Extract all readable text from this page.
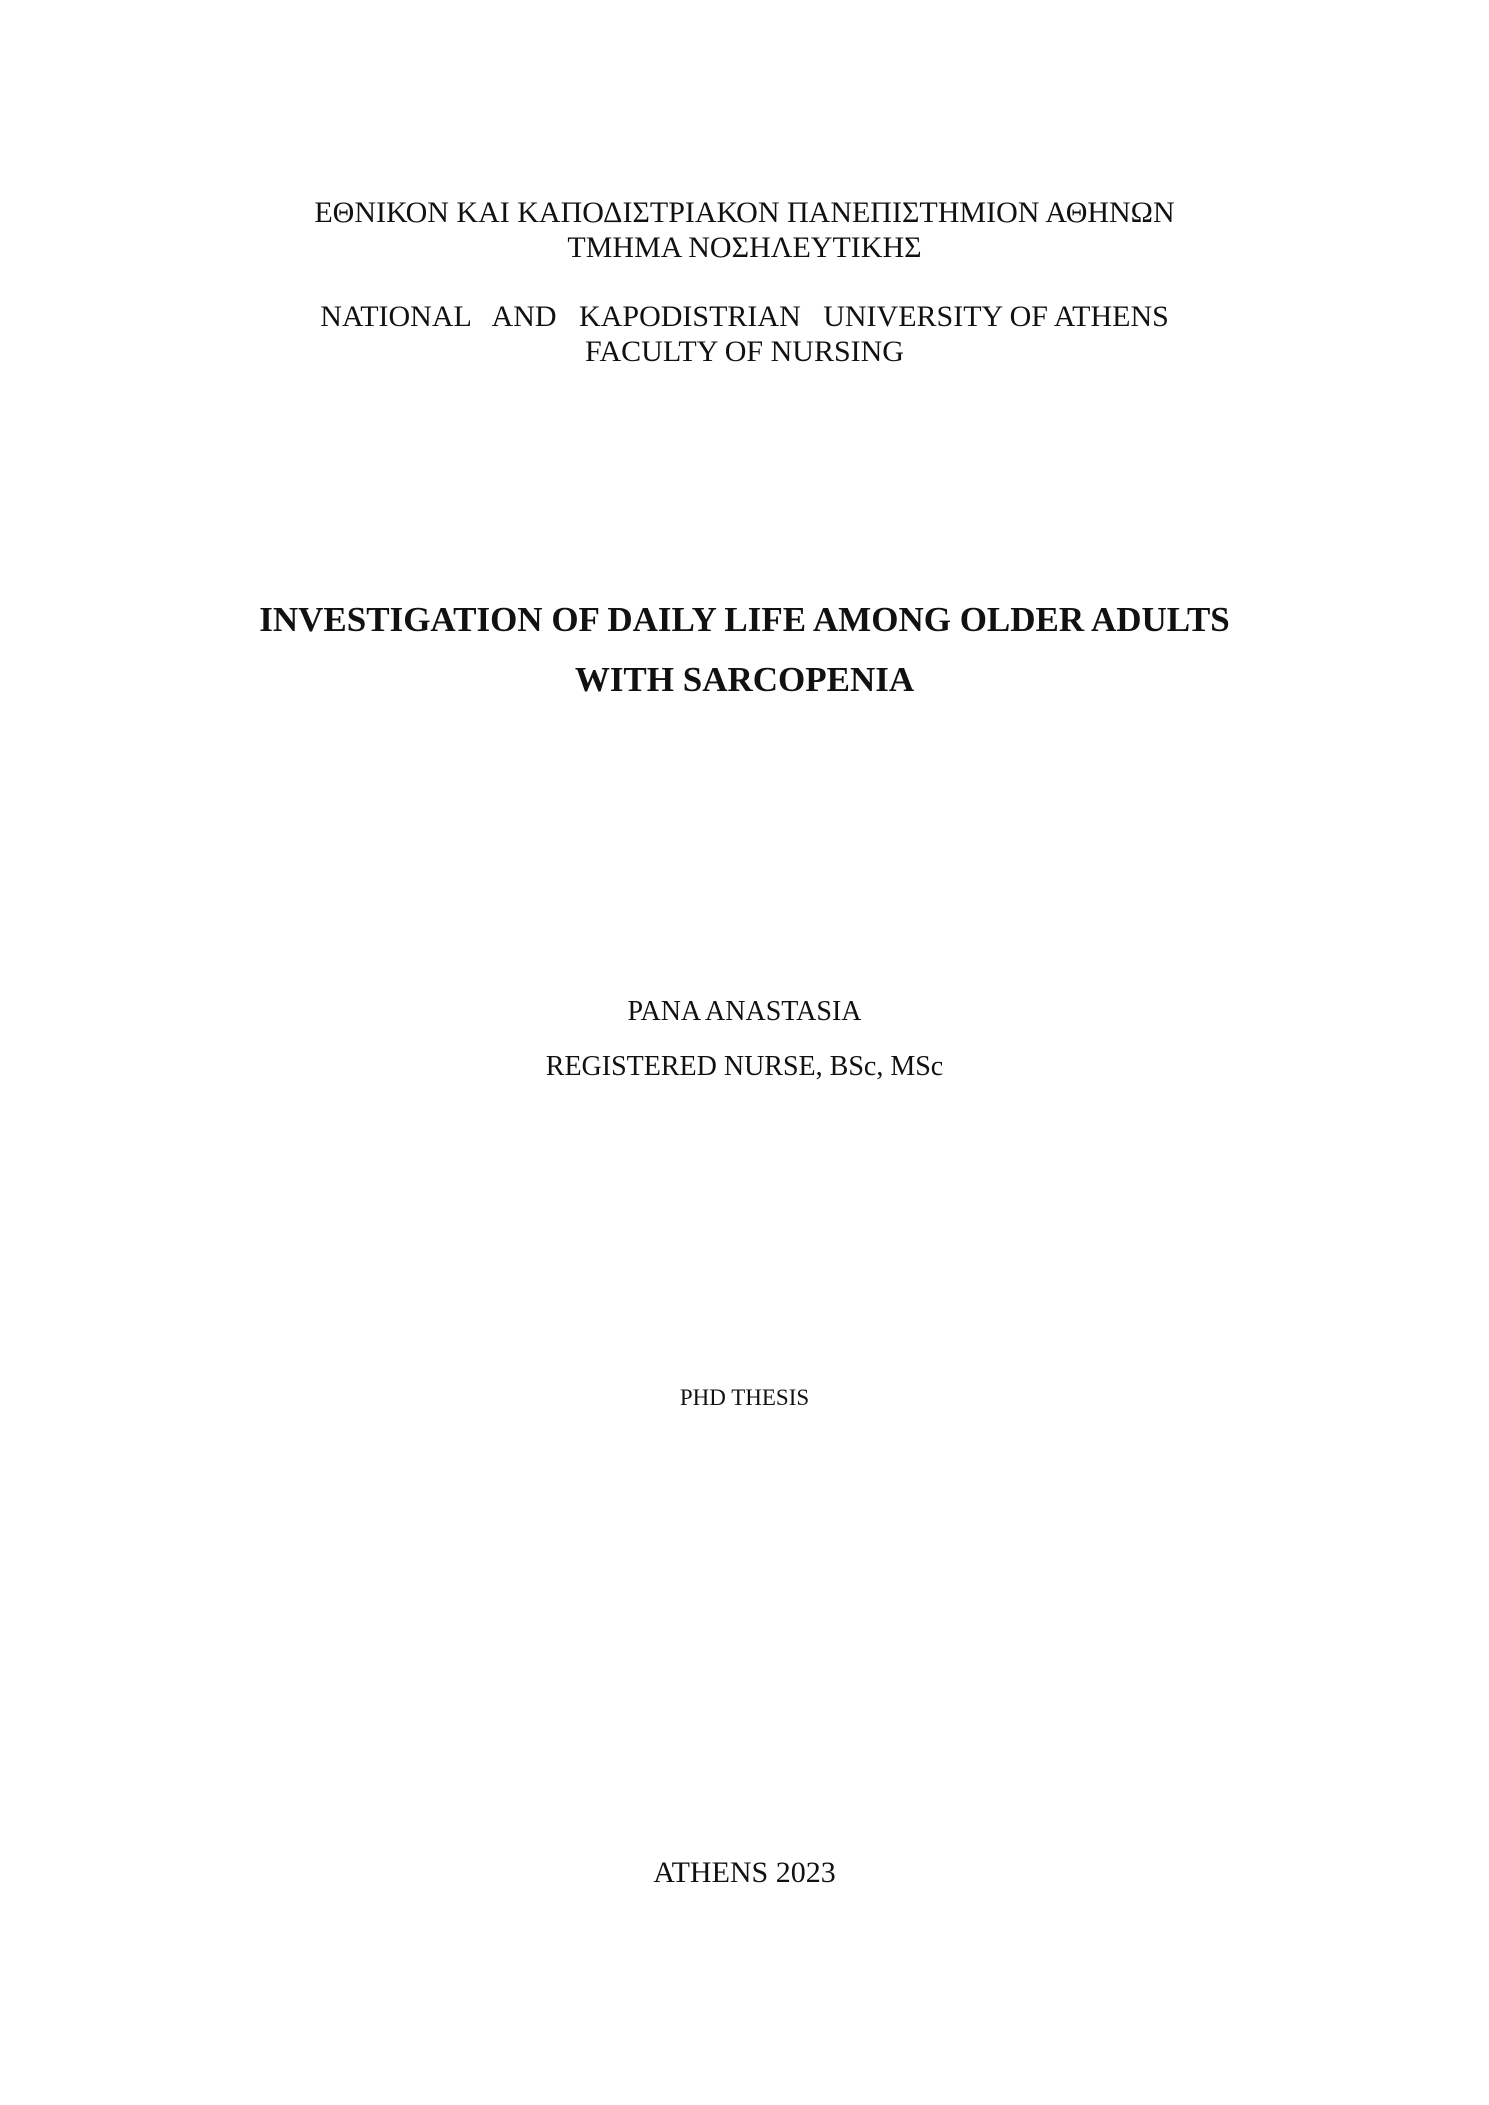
ΕΘΝΙΚΟΝ ΚΑΙ ΚΑΠΟΔΙΣΤΡΙΑΚΟΝ ΠΑΝΕΠΙΣΤΗΜΙΟΝ ΑΘΗΝΩΝ
ΤΜΗΜΑ ΝΟΣΗΛΕΥΤΙΚΗΣ
NATIONAL   AND   KAPODISTRIAN   UNIVERSITY OF ATHENS
FACULTY OF NURSING
INVESTIGATION OF DAILY LIFE AMONG OLDER ADULTS
WITH SARCOPENIA
PANA ANASTASIA
REGISTERED NURSE, BSc, MSc
PHD THESIS
ATHENS 2023
